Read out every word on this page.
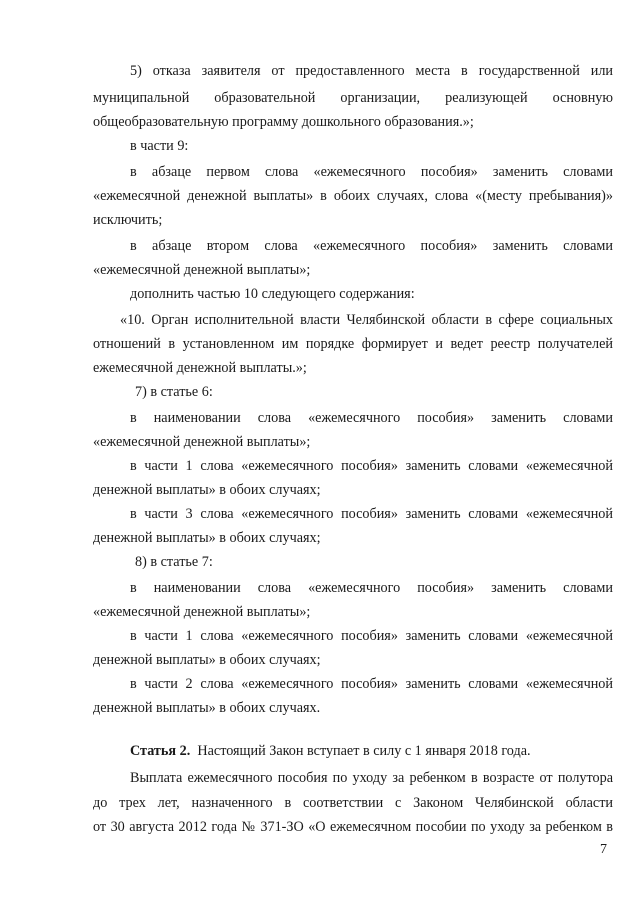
5) отказа заявителя от предоставленного места в государственной или
муниципальной образовательной организации, реализующей основную
общеобразовательную программу дошкольного образования.»;
в части 9:
в абзаце первом слова «ежемесячного пособия» заменить словами
«ежемесячной денежной выплаты» в обоих случаях, слова «(месту пребывания)»
исключить;
в абзаце втором слова «ежемесячного пособия» заменить словами
«ежемесячной денежной выплаты»;
дополнить частью 10 следующего содержания:
«10. Орган исполнительной власти Челябинской области в сфере социальных
отношений в установленном им порядке формирует и ведет реестр получателей
ежемесячной денежной выплаты.»;
7) в статье 6:
в наименовании слова «ежемесячного пособия» заменить словами
«ежемесячной денежной выплаты»;
в части 1 слова «ежемесячного пособия» заменить словами «ежемесячной
денежной выплаты» в обоих случаях;
в части 3 слова «ежемесячного пособия» заменить словами «ежемесячной
денежной выплаты» в обоих случаях;
8) в статье 7:
в наименовании слова «ежемесячного пособия» заменить словами
«ежемесячной денежной выплаты»;
в части 1 слова «ежемесячного пособия» заменить словами «ежемесячной
денежной выплаты» в обоих случаях;
в части 2 слова «ежемесячного пособия» заменить словами «ежемесячной
денежной выплаты» в обоих случаях.
Статья 2. Настоящий Закон вступает в силу с 1 января 2018 года.
Выплата ежемесячного пособия по уходу за ребенком в возрасте от полутора
до трех лет, назначенного в соответствии с Законом Челябинской области
от 30 августа 2012 года № 371-ЗО «О ежемесячном пособии по уходу за ребенком в
7
